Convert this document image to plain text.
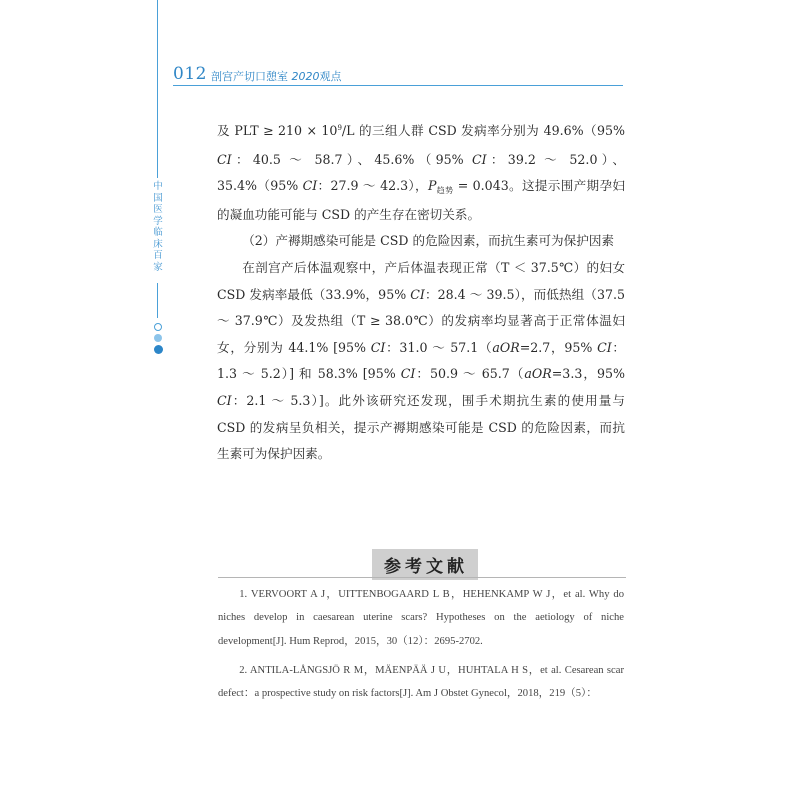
中国医学临床百家
012 剖宫产切口憩室 2020观点

及 PLT ≥ $210 \times 10^9/L$ 的三组人群 CSD 发病率分别为 49.6%（95% CI：40.5 ～ 58.7）、45.6%（95% CI：39.2 ～ 52.0）、35.4%（95% CI：27.9 ～ 42.3），$P_{趋势} = 0.043$。这提示围产期孕妇的凝血功能可能与 CSD 的产生存在密切关系。

（2）产褥期感染可能是 CSD 的危险因素，而抗生素可为保护因素

在剖宫产后体温观察中，产后体温表现正常（T ＜ 37.5℃）的妇女 CSD 发病率最低（33.9%，95% CI：28.4 ～ 39.5），而低热组（37.5 ～ 37.9℃）及发热组（T ≥ 38.0℃）的发病率均显著高于正常体温妇女，分别为 44.1% [95% CI：31.0 ～ 57.1（aOR=2.7，95% CI：1.3 ～ 5.2）] 和 58.3% [95% CI：50.9 ～ 65.7（aOR=3.3，95% CI：2.1 ～ 5.3）]。此外该研究还发现，围手术期抗生素的使用量与 CSD 的发病呈负相关，提示产褥期感染可能是 CSD 的危险因素，而抗生素可为保护因素。

参考文献

1. VERVOORT A J，UITTENBOGAARD L B，HEHENKAMP W J，et al. Why do niches develop in caesarean uterine scars? Hypotheses on the aetiology of niche development[J]. Hum Reprod，2015，30（12）：2695-2702.

2. ANTILA-LÅNGSJÖ R M，MÄENPÄÄ J U，HUHTALA H S，et al. Cesarean scar defect：a prospective study on risk factors[J]. Am J Obstet Gynecol，2018，219（5）：
